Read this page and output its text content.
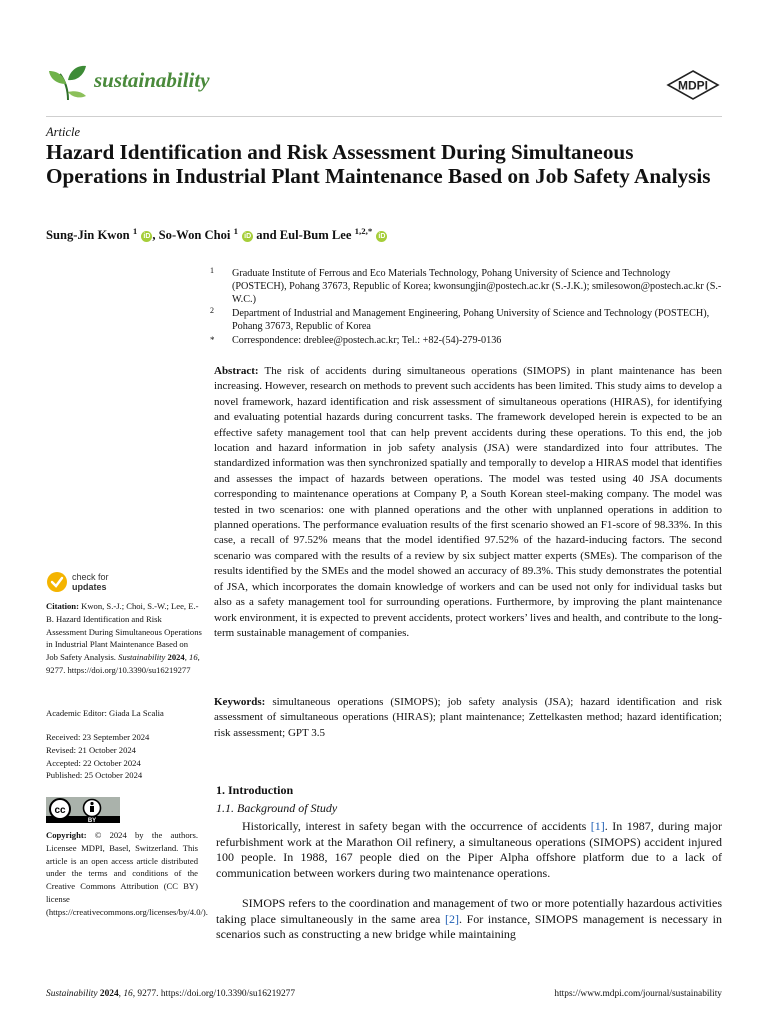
sustainability	MDPI
Article
Hazard Identification and Risk Assessment During Simultaneous Operations in Industrial Plant Maintenance Based on Job Safety Analysis
Sung-Jin Kwon $^1$ iD , So-Won Choi $^1$ iD and Eul-Bum Lee $^{1,2,*}$ iD
1 Graduate Institute of Ferrous and Eco Materials Technology, Pohang University of Science and Technology (POSTECH), Pohang 37673, Republic of Korea; kwonsungjin@postech.ac.kr (S.-J.K.); smilesowon@postech.ac.kr (S.-W.C.)
2 Department of Industrial and Management Engineering, Pohang University of Science and Technology (POSTECH), Pohang 37673, Republic of Korea
* Correspondence: dreblee@postech.ac.kr; Tel.: +82-(54)-279-0136
Abstract: The risk of accidents during simultaneous operations (SIMOPS) in plant maintenance has been increasing. However, research on methods to prevent such accidents has been limited. This study aims to develop a novel framework, hazard identification and risk assessment of simultaneous operations (HIRAS), for identifying and evaluating potential hazards during concurrent tasks. The framework developed herein is expected to be an effective safety management tool that can help prevent accidents during these operations. To this end, the job location and hazard information in job safety analysis (JSA) were standardized into four attributes. The standardized information was then synchronized spatially and temporally to develop a HIRAS model that identifies and assesses the impact of hazards between operations. The model was tested using 40 JSA documents corresponding to maintenance operations at Company P, a South Korean steel-making company. The model was tested in two scenarios: one with planned operations and the other with unplanned operations in addition to planned operations. The performance evaluation results of the first scenario showed an F1-score of 98.33%. In this case, a recall of 97.52% means that the model identified 97.52% of the hazard-inducing factors. The second scenario was compared with the results of a review by six subject matter experts (SMEs). The comparison of the results identified by the SMEs and the model showed an accuracy of 89.3%. This study demonstrates the potential of JSA, which incorporates the domain knowledge of workers and can be used not only for individual tasks but also as a safety management tool for surrounding operations. Furthermore, by improving the plant maintenance work environment, it is expected to prevent accidents, protect workers’ lives and health, and contribute to the long-term sustainable management of companies.
Keywords: simultaneous operations (SIMOPS); job safety analysis (JSA); hazard identification and risk assessment of simultaneous operations (HIRAS); plant maintenance; Zettelkasten method; hazard identification; risk assessment; GPT 3.5
check for
updates
Citation: Kwon, S.-J.; Choi, S.-W.; Lee, E.-B. Hazard Identification and Risk Assessment During Simultaneous Operations in Industrial Plant Maintenance Based on Job Safety Analysis. Sustainability 2024, 16, 9277. https://doi.org/10.3390/su16219277
Academic Editor: Giada La Scalia
Received: 23 September 2024
Revised: 21 October 2024
Accepted: 22 October 2024
Published: 25 October 2024
cc
BY
Copyright: © 2024 by the authors. Licensee MDPI, Basel, Switzerland. This article is an open access article distributed under the terms and conditions of the Creative Commons Attribution (CC BY) license (https://creativecommons.org/licenses/by/4.0/).
1. Introduction
1.1. Background of Study
Historically, interest in safety began with the occurrence of accidents [1]. In 1987, during major refurbishment work at the Marathon Oil refinery, a simultaneous operations (SIMOPS) accident injured 100 people. In 1988, 167 people died on the Piper Alpha offshore platform due to a lack of communication between workers during two maintenance operations.
SIMOPS refers to the coordination and management of two or more potentially hazardous activities taking place simultaneously in the same area [2]. For instance, SIMOPS management is necessary in scenarios such as constructing a new bridge while maintaining
Sustainability 2024, 16, 9277. https://doi.org/10.3390/su16219277	https://www.mdpi.com/journal/sustainability
